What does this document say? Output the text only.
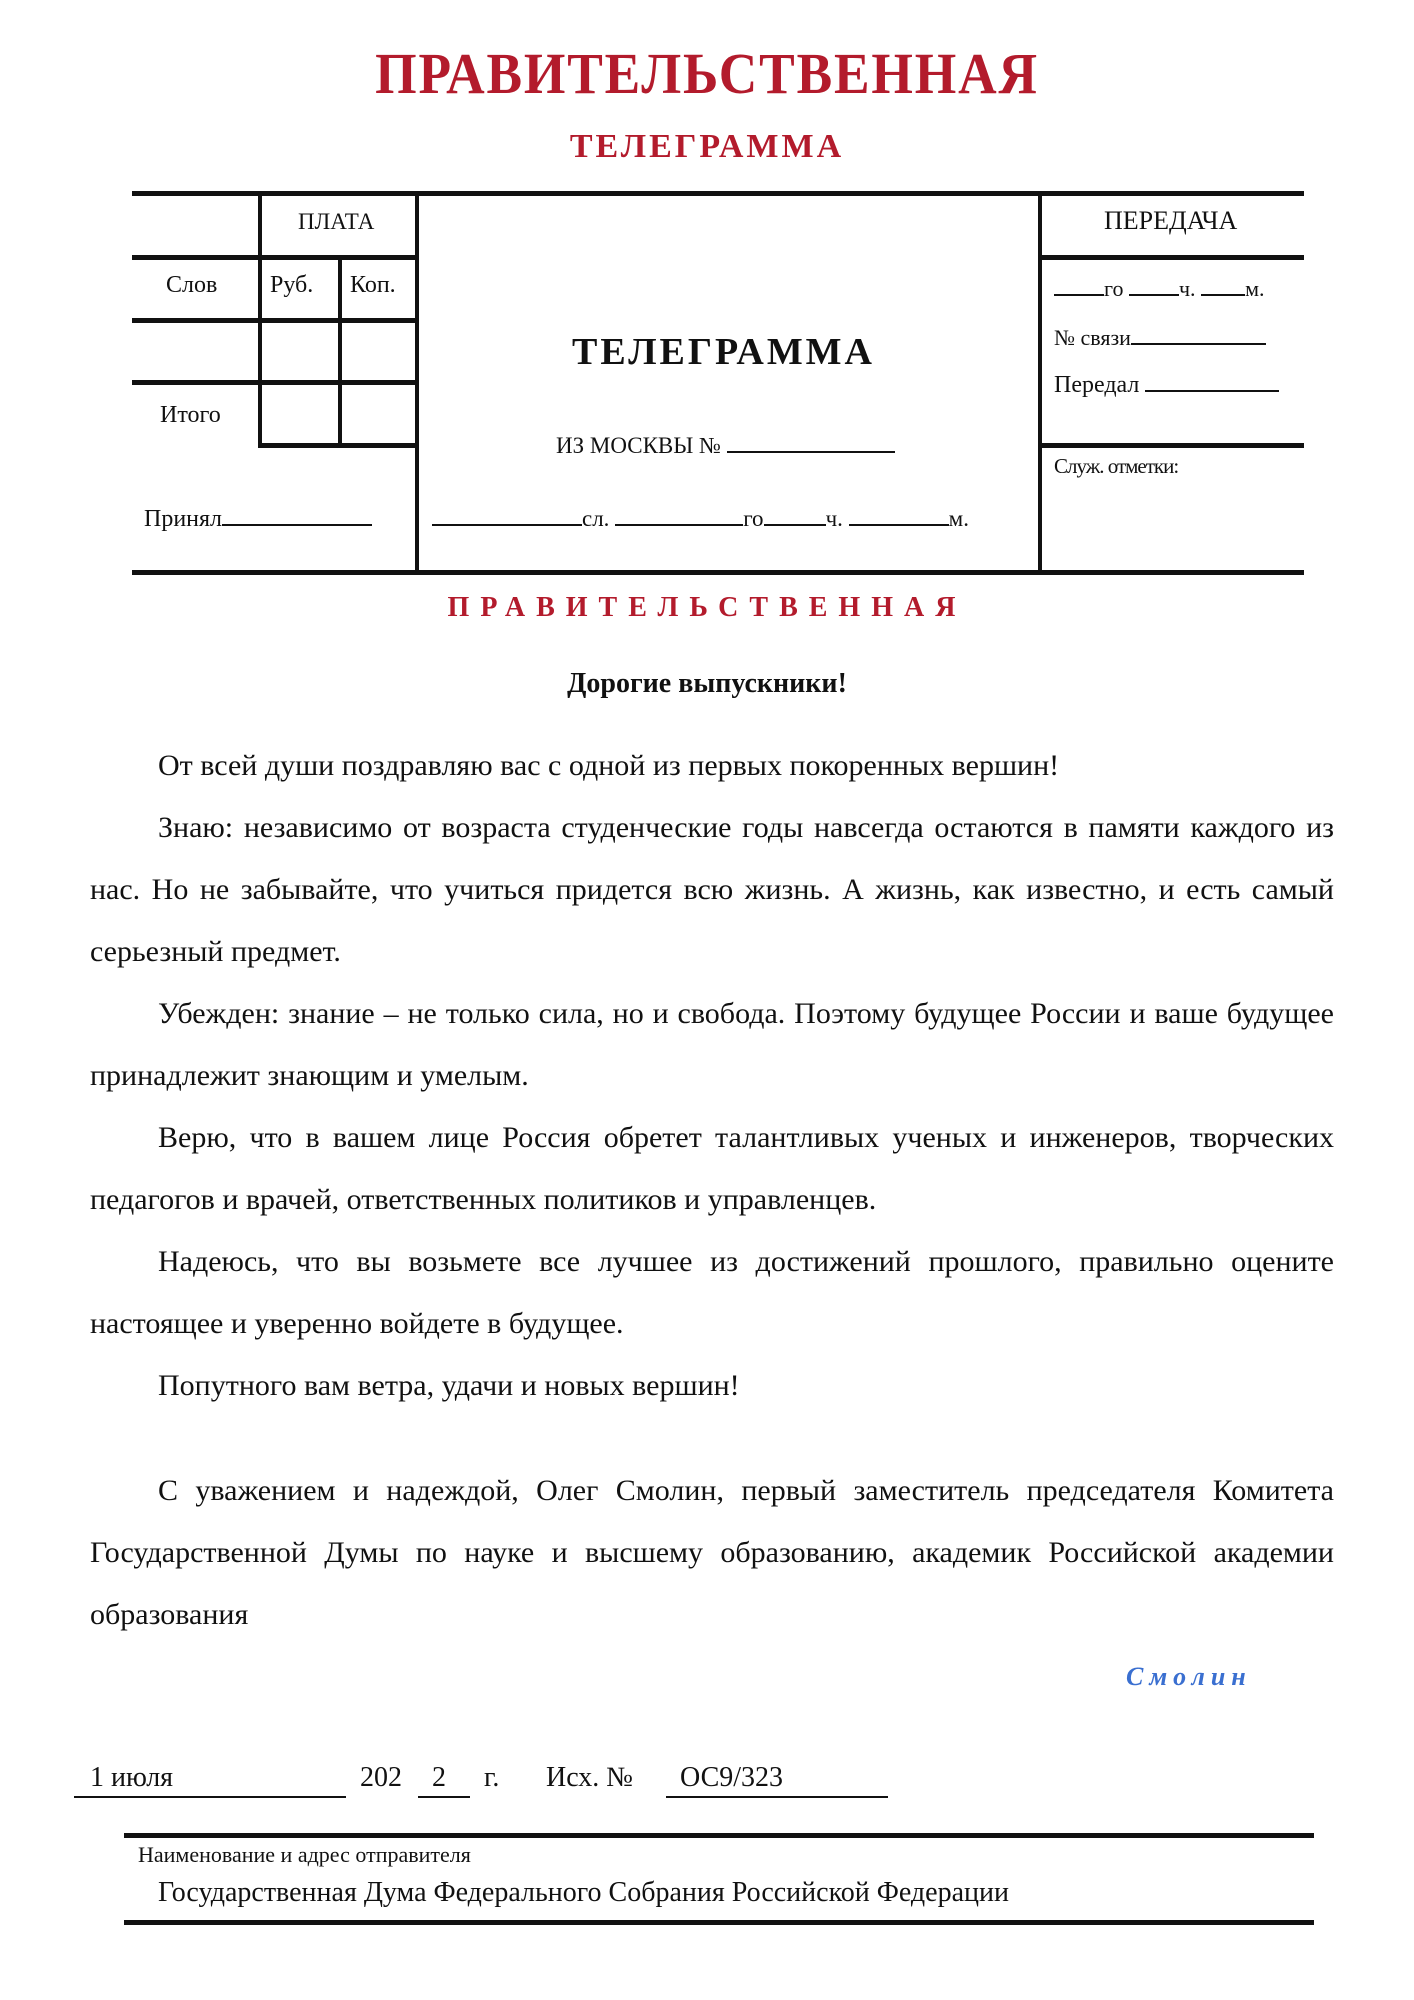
ПРАВИТЕЛЬСТВЕННАЯ
ТЕЛЕГРАММА
ПЛАТА
Слов Руб. Коп.
Итого
Принял
ТЕЛЕГРАММА
ИЗ МОСКВЫ №
сл.	го	ч.	м.
ПЕРЕДАЧА
го	ч. м.
№ связи
Передал
Служ. отметки:
ПРАВИТЕЛЬСТВЕННАЯ
Дорогие выпускники!
От всей души поздравляю вас с одной из первых покоренных вершин!
Знаю: независимо от возраста студенческие годы навсегда остаются в памяти каждого из нас. Но не забывайте, что учиться придется всю жизнь. А жизнь, как известно, и есть самый серьезный предмет.
Убежден: знание – не только сила, но и свобода. Поэтому будущее России и ваше будущее принадлежит знающим и умелым.
Верю, что в вашем лице Россия обретет талантливых ученых и инженеров, творческих педагогов и врачей, ответственных политиков и управленцев.
Надеюсь, что вы возьмете все лучшее из достижений прошлого, правильно оцените настоящее и уверенно войдете в будущее.
Попутного вам ветра, удачи и новых вершин!
С уважением и надеждой, Олег Смолин, первый заместитель председателя Комитета Государственной Думы по науке и высшему образованию, академик Российской академии образования
Смолин
1 июля	202 2 г. Исх. № ОС9/323
Наименование и адрес отправителя
Государственная Дума Федерального Собрания Российской Федерации
